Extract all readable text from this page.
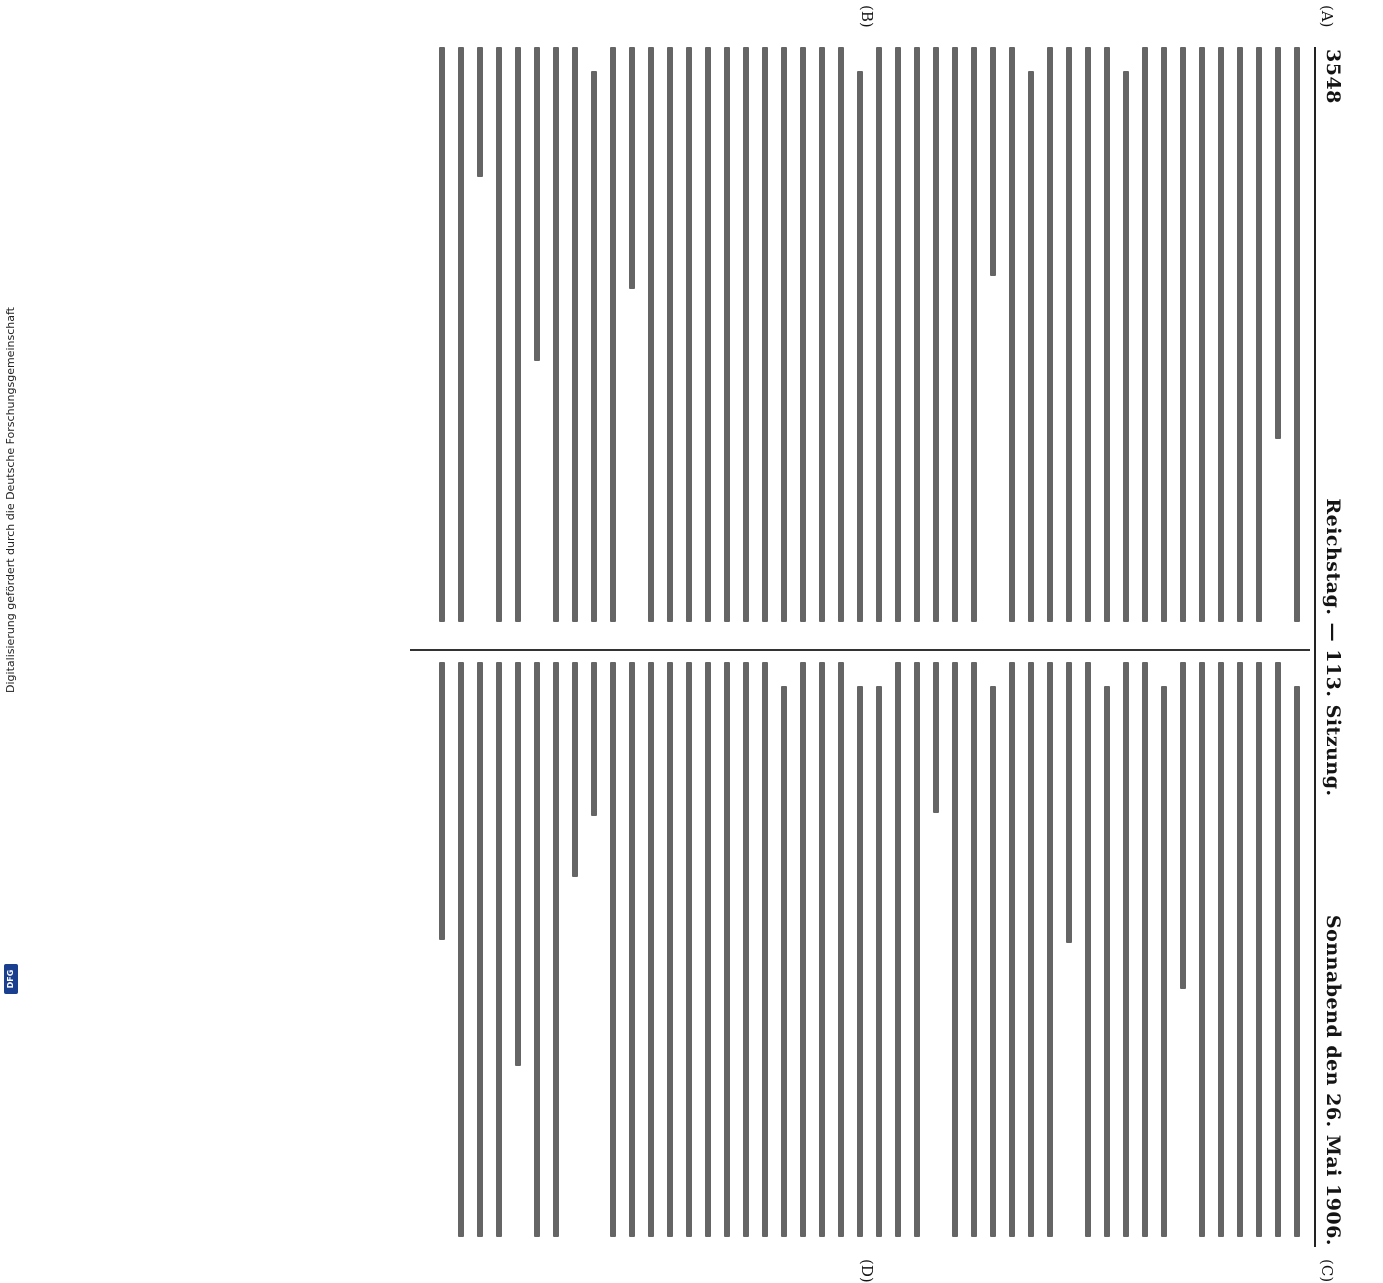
Digitalisierung gefördert durch die Deutsche Forschungsgemeinschaft
DFG
3548
Reichstag. — 113. Sitzung.
Sonnabend den 26. Mai 1906.
(A)
(B)
(C)
(D)
